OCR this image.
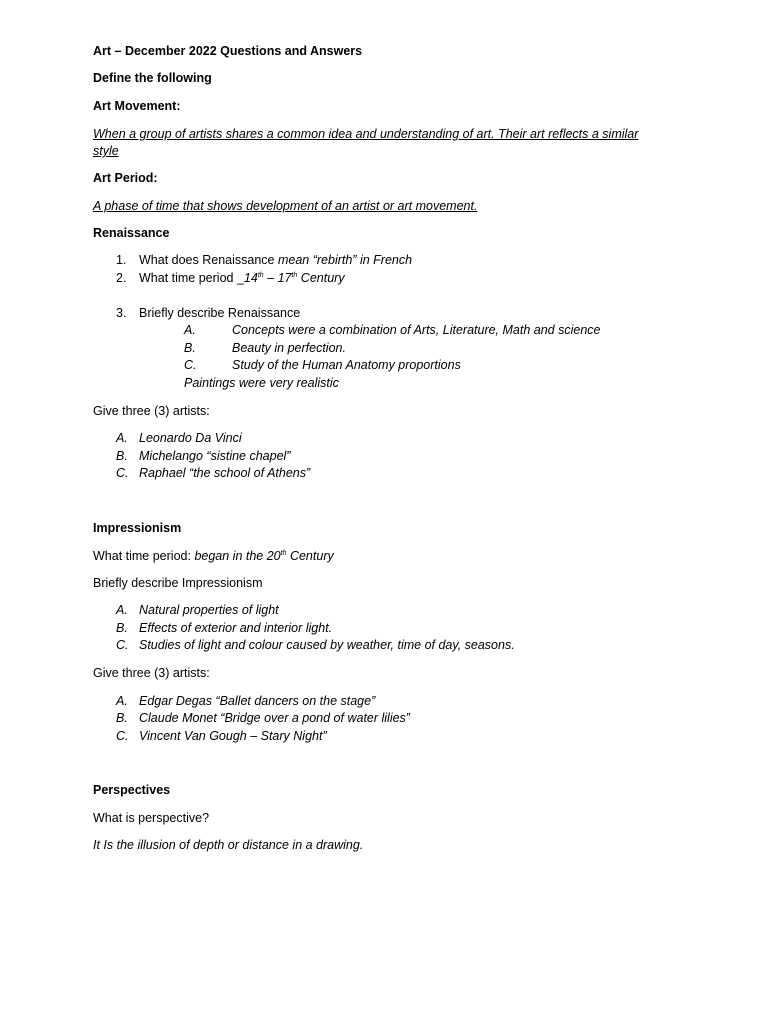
Art – December 2022 Questions and Answers
Define the following
Art Movement:
When a group of artists shares a common idea and understanding of art. Their art reflects a similar
style
Art Period:
A phase of time that shows development of an artist or art movement.
Renaissance
1. What does Renaissance mean “rebirth” in French
2. What time period _14th – 17th Century
3. Briefly describe Renaissance
A.	Concepts were a combination of Arts, Literature, Math and science
B.	Beauty in perfection.
C.	Study of the Human Anatomy proportions
Paintings were very realistic
Give three (3) artists:
A. Leonardo Da Vinci
B. Michelango “sistine chapel”
C. Raphael “the school of Athens”
Impressionism
What time period: began in the 20th Century
Briefly describe Impressionism
A. Natural properties of light
B. Effects of exterior and interior light.
C. Studies of light and colour caused by weather, time of day, seasons.
Give three (3) artists:
A. Edgar Degas “Ballet dancers on the stage”
B. Claude Monet “Bridge over a pond of water lilies”
C. Vincent Van Gough – Stary Night”
Perspectives
What is perspective?
It Is the illusion of depth or distance in a drawing.
